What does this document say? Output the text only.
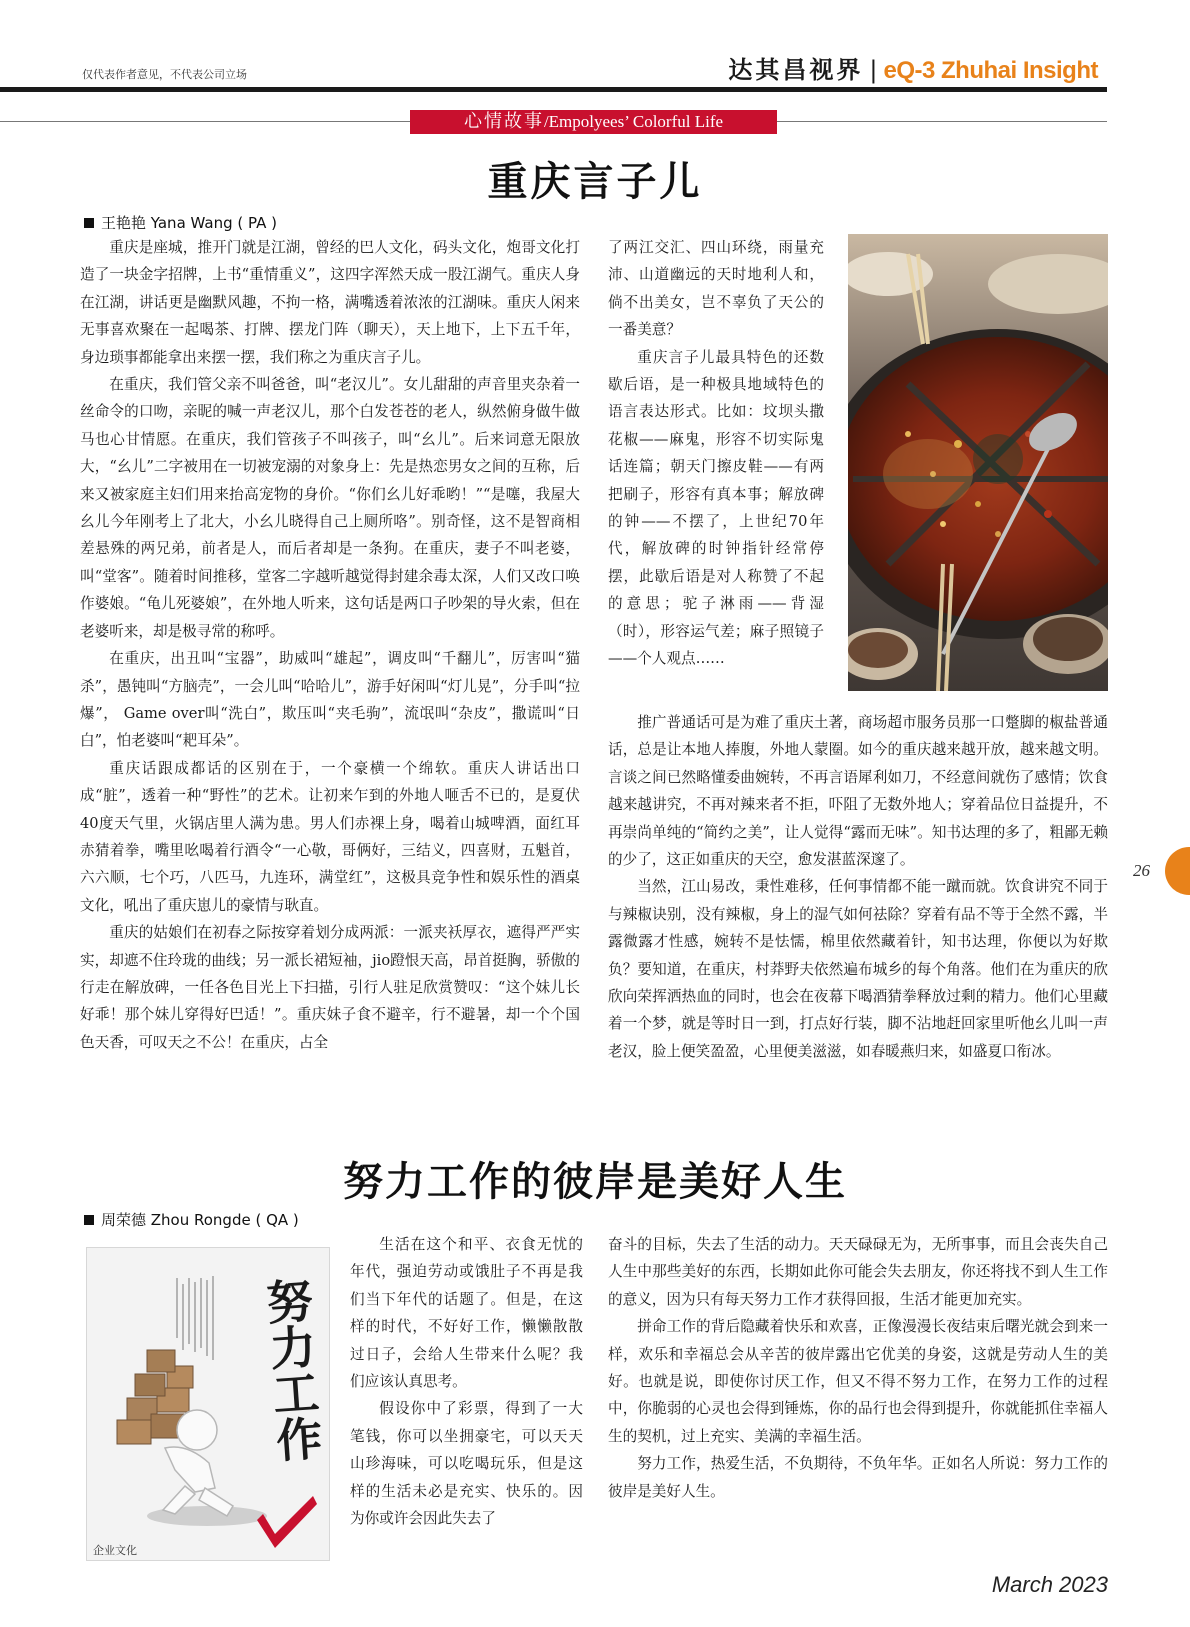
仅代表作者意见，不代表公司立场	达其昌视界 | eQ-3 Zhuhai Insight
心情故事/Empolyees’ Colorful Life
重庆言子儿
王艳艳 Yana Wang ( PA )

重庆是座城，推开门就是江湖，曾经的巴人文化，码头文化，炮哥文化打造了一块金字招牌，上书“重情重义”，这四字浑然天成一股江湖气。重庆人身在江湖，讲话更是幽默风趣，不拘一格，满嘴透着浓浓的江湖味。重庆人闲来无事喜欢聚在一起喝茶、打牌、摆龙门阵（聊天），天上地下，上下五千年，身边琐事都能拿出来摆一摆，我们称之为重庆言子儿。

在重庆，我们管父亲不叫爸爸，叫“老汉儿”。女儿甜甜的声音里夹杂着一丝命令的口吻，亲昵的喊一声老汉儿，那个白发苍苍的老人，纵然俯身做牛做马也心甘情愿。在重庆，我们管孩子不叫孩子，叫“幺儿”。后来词意无限放大，“幺儿”二字被用在一切被宠溺的对象身上：先是热恋男女之间的互称，后来又被家庭主妇们用来抬高宠物的身价。“你们幺儿好乖哟！”“是噻，我屋大幺儿今年刚考上了北大，小幺儿晓得自己上厕所咯”。别奇怪，这不是智商相差悬殊的两兄弟，前者是人，而后者却是一条狗。在重庆，妻子不叫老婆，叫“堂客”。随着时间推移，堂客二字越听越觉得封建余毒太深，人们又改口唤作婆娘。“龟儿死婆娘”，在外地人听来，这句话是两口子吵架的导火索，但在老婆听来，却是极寻常的称呼。

在重庆，出丑叫“宝器”，助威叫“雄起”，调皮叫“千翻儿”，厉害叫“猫杀”，愚钝叫“方脑壳”，一会儿叫“哈哈儿”，游手好闲叫“灯儿晃”，分手叫“拉爆”， Game over叫“洗白”，欺压叫“夹毛驹”，流氓叫“杂皮”，撒谎叫“日白”，怕老婆叫“耙耳朵”。

重庆话跟成都话的区别在于，一个豪横一个绵软。重庆人讲话出口成“脏”，透着一种“野性”的艺术。让初来乍到的外地人咂舌不已的，是夏伏40度天气里，火锅店里人满为患。男人们赤裸上身，喝着山城啤酒，面红耳赤猜着拳，嘴里吆喝着行酒令“一心敬，哥俩好，三结义，四喜财，五魁首，六六顺，七个巧，八匹马，九连环，满堂红”，这极具竞争性和娱乐性的酒桌文化，吼出了重庆崽儿的豪情与耿直。

重庆的姑娘们在初春之际按穿着划分成两派：一派夹袄厚衣，遮得严严实实，却遮不住玲珑的曲线；另一派长裙短袖，jio蹬恨天高，昂首挺胸，骄傲的行走在解放碑，一任各色目光上下扫描，引行人驻足欣赏赞叹：“这个妹儿长好乖！那个妹儿穿得好巴适！”。重庆妹子食不避辛，行不避暑，却一个个国色天香，可叹天之不公！在重庆，占全

了两江交汇、四山环绕，雨量充沛、山道幽远的天时地利人和，倘不出美女，岂不辜负了天公的一番美意？

重庆言子儿最具特色的还数歇后语，是一种极具地域特色的语言表达形式。比如：坟坝头撒花椒——麻鬼，形容不切实际鬼话连篇；朝天门擦皮鞋——有两把刷子，形容有真本事；解放碑的钟——不摆了，上世纪70年代，解放碑的时钟指针经常停摆，此歇后语是对人称赞了不起的意思；驼子淋雨——背湿（时），形容运气差；麻子照镜子——个人观点……

推广普通话可是为难了重庆土著，商场超市服务员那一口蹩脚的椒盐普通话，总是让本地人捧腹，外地人蒙圈。如今的重庆越来越开放，越来越文明。言谈之间已然略懂委曲婉转，不再言语犀利如刀，不经意间就伤了感情；饮食越来越讲究，不再对辣来者不拒，吓阻了无数外地人；穿着品位日益提升，不再崇尚单纯的“简约之美”，让人觉得“露而无味”。知书达理的多了，粗鄙无赖的少了，这正如重庆的天空，愈发湛蓝深邃了。

当然，江山易改，秉性难移，任何事情都不能一蹴而就。饮食讲究不同于与辣椒诀别，没有辣椒，身上的湿气如何祛除？穿着有品不等于全然不露，半露微露才性感，婉转不是怯懦，棉里依然藏着针，知书达理，你便以为好欺负？要知道，在重庆，村莽野夫依然遍布城乡的每个角落。他们在为重庆的欣欣向荣挥洒热血的同时，也会在夜幕下喝酒猜拳释放过剩的精力。他们心里藏着一个梦，就是等时日一到，打点好行装，脚不沾地赶回家里听他幺儿叫一声老汉，脸上便笑盈盈，心里便美滋滋，如春暖燕归来，如盛夏口衔冰。

努力工作的彼岸是美好人生
周荣德 Zhou Rongde ( QA )
努力工作
企业文化

生活在这个和平、衣食无忧的年代，强迫劳动或饿肚子不再是我们当下年代的话题了。但是，在这样的时代，不好好工作，懒懒散散过日子，会给人生带来什么呢？我们应该认真思考。

假设你中了彩票，得到了一大笔钱，你可以坐拥豪宅，可以天天山珍海味，可以吃喝玩乐，但是这样的生活未必是充实、快乐的。因为你或许会因此失去了

奋斗的目标，失去了生活的动力。天天碌碌无为，无所事事，而且会丧失自己人生中那些美好的东西，长期如此你可能会失去朋友，你还将找不到人生工作的意义，因为只有每天努力工作才获得回报，生活才能更加充实。

拼命工作的背后隐藏着快乐和欢喜，正像漫漫长夜结束后曙光就会到来一样，欢乐和幸福总会从辛苦的彼岸露出它优美的身姿，这就是劳动人生的美好。也就是说，即使你讨厌工作，但又不得不努力工作，在努力工作的过程中，你脆弱的心灵也会得到锤炼，你的品行也会得到提升，你就能抓住幸福人生的契机，过上充实、美满的幸福生活。

努力工作，热爱生活，不负期待，不负年华。正如名人所说：努力工作的彼岸是美好人生。

26
March 2023
